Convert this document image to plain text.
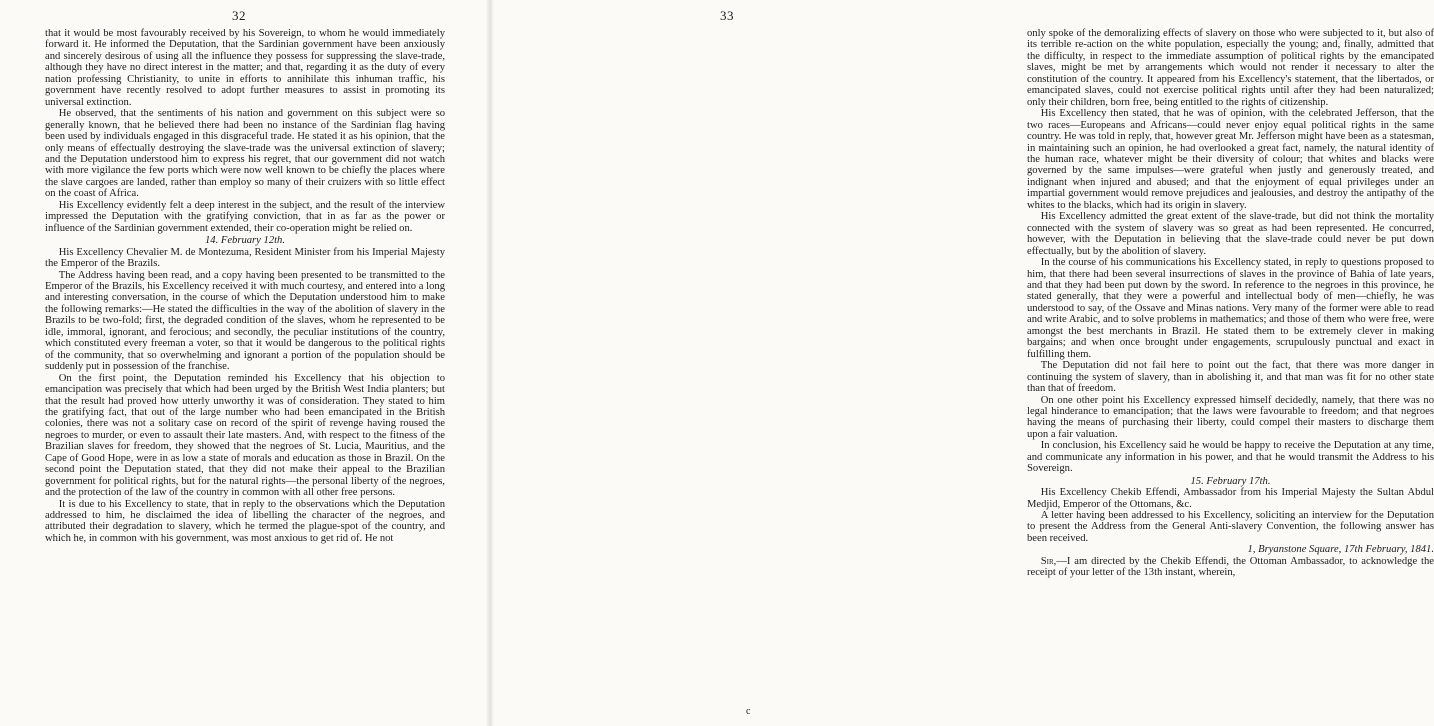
32

that it would be most favourably received by his Sovereign, to whom he would immediately forward it. He informed the Deputation, that the Sardinian government have been anxiously and sincerely desirous of using all the influence they possess for suppressing the slave-trade, although they have no direct interest in the matter; and that, regarding it as the duty of every nation professing Christianity, to unite in efforts to annihilate this inhuman traffic, his government have recently resolved to adopt further measures to assist in promoting its universal extinction.

He observed, that the sentiments of his nation and government on this subject were so generally known, that he believed there had been no instance of the Sardinian flag having been used by individuals engaged in this disgraceful trade. He stated it as his opinion, that the only means of effectually destroying the slave-trade was the universal extinction of slavery; and the Deputation understood him to express his regret, that our government did not watch with more vigilance the few ports which were now well known to be chiefly the places where the slave cargoes are landed, rather than employ so many of their cruizers with so little effect on the coast of Africa.

His Excellency evidently felt a deep interest in the subject, and the result of the interview impressed the Deputation with the gratifying conviction, that in as far as the power or influence of the Sardinian government extended, their co-operation might be relied on.

14. February 12th.

His Excellency Chevalier M. de Montezuma, Resident Minister from his Imperial Majesty the Emperor of the Brazils.

The Address having been read, and a copy having been presented to be transmitted to the Emperor of the Brazils, his Excellency received it with much courtesy, and entered into a long and interesting conversation, in the course of which the Deputation understood him to make the following remarks:—He stated the difficulties in the way of the abolition of slavery in the Brazils to be two-fold; first, the degraded condition of the slaves, whom he represented to be idle, immoral, ignorant, and ferocious; and secondly, the peculiar institutions of the country, which constituted every freeman a voter, so that it would be dangerous to the political rights of the community, that so overwhelming and ignorant a portion of the population should be suddenly put in possession of the franchise.

On the first point, the Deputation reminded his Excellency that his objection to emancipation was precisely that which had been urged by the British West India planters; but that the result had proved how utterly unworthy it was of consideration. They stated to him the gratifying fact, that out of the large number who had been emancipated in the British colonies, there was not a solitary case on record of the spirit of revenge having roused the negroes to murder, or even to assault their late masters. And, with respect to the fitness of the Brazilian slaves for freedom, they showed that the negroes of St. Lucia, Mauritius, and the Cape of Good Hope, were in as low a state of morals and education as those in Brazil. On the second point the Deputation stated, that they did not make their appeal to the Brazilian government for political rights, but for the natural rights—the personal liberty of the negroes, and the protection of the law of the country in common with all other free persons.

It is due to his Excellency to state, that in reply to the observations which the Deputation addressed to him, he disclaimed the idea of libelling the character of the negroes, and attributed their degradation to slavery, which he termed the plague-spot of the country, and which he, in common with his government, was most anxious to get rid of. He not

only spoke of the demoralizing effects of slavery on those who were subjected to it, but also of its terrible re-action on the white population, especially the young; and, finally, admitted that the difficulty, in respect to the immediate assumption of political rights by the emancipated slaves, might be met by arrangements which would not render it necessary to alter the constitution of the country. It appeared from his Excellency's statement, that the libertados, or emancipated slaves, could not exercise political rights until after they had been naturalized; only their children, born free, being entitled to the rights of citizenship.

His Excellency then stated, that he was of opinion, with the celebrated Jefferson, that the two races—Europeans and Africans—could never enjoy equal political rights in the same country. He was told in reply, that, however great Mr. Jefferson might have been as a statesman, in maintaining such an opinion, he had overlooked a great fact, namely, the natural identity of the human race, whatever might be their diversity of colour; that whites and blacks were governed by the same impulses—were grateful when justly and generously treated, and indignant when injured and abused; and that the enjoyment of equal privileges under an impartial government would remove prejudices and jealousies, and destroy the antipathy of the whites to the blacks, which had its origin in slavery.

His Excellency admitted the great extent of the slave-trade, but did not think the mortality connected with the system of slavery was so great as had been represented. He concurred, however, with the Deputation in believing that the slave-trade could never be put down effectually, but by the abolition of slavery.

In the course of his communications his Excellency stated, in reply to questions proposed to him, that there had been several insurrections of slaves in the province of Bahia of late years, and that they had been put down by the sword. In reference to the negroes in this province, he stated generally, that they were a powerful and intellectual body of men—chiefly, he was understood to say, of the Ossave and Minas nations. Very many of the former were able to read and write Arabic, and to solve problems in mathematics; and those of them who were free, were amongst the best merchants in Brazil. He stated them to be extremely clever in making bargains; and when once brought under engagements, scrupulously punctual and exact in fulfilling them.

The Deputation did not fail here to point out the fact, that there was more danger in continuing the system of slavery, than in abolishing it, and that man was fit for no other state than that of freedom.

On one other point his Excellency expressed himself decidedly, namely, that there was no legal hinderance to emancipation; that the laws were favourable to freedom; and that negroes having the means of purchasing their liberty, could compel their masters to discharge them upon a fair valuation.

In conclusion, his Excellency said he would be happy to receive the Deputation at any time, and communicate any information in his power, and that he would transmit the Address to his Sovereign.

15. February 17th.

His Excellency Chekib Effendi, Ambassador from his Imperial Majesty the Sultan Abdul Medjid, Emperor of the Ottomans, &c.

A letter having been addressed to his Excellency, soliciting an interview for the Deputation to present the Address from the General Anti-slavery Convention, the following answer has been received.

1, Bryanstone Square, 17th February, 1841.

Sir,—I am directed by the Chekib Effendi, the Ottoman Ambassador, to acknowledge the receipt of your letter of the 13th instant, wherein,

33
c
